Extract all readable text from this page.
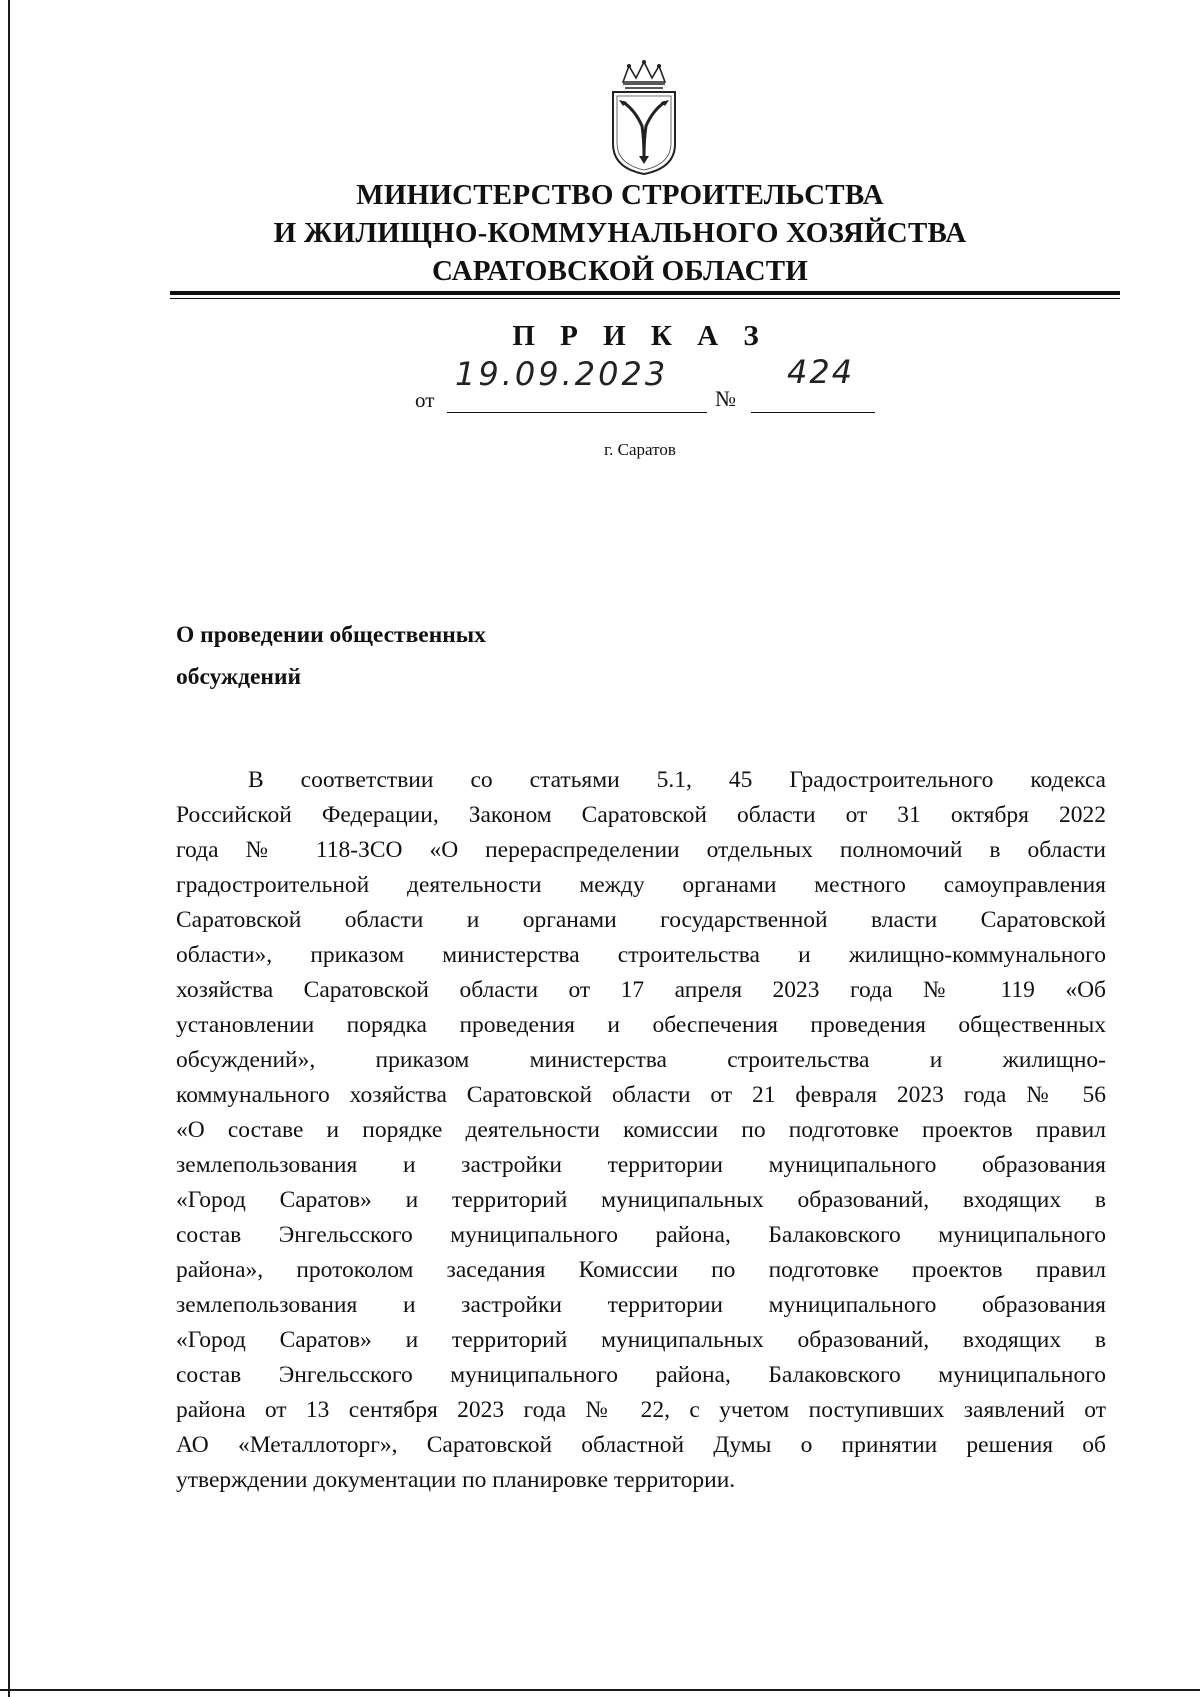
МИНИСТЕРСТВО СТРОИТЕЛЬСТВА
И ЖИЛИЩНО-КОММУНАЛЬНОГО ХОЗЯЙСТВА
САРАТОВСКОЙ ОБЛАСТИ
П Р И К А З
от
19.09.2023
№
424
г. Саратов
О проведении общественных
обсуждений
В соответствии со статьями 5.1, 45 Градостроительного кодекса
Российской Федерации, Законом Саратовской области от 31 октября 2022
года № 118-ЗСО «О перераспределении отдельных полномочий в области
градостроительной деятельности между органами местного самоуправления
Саратовской области и органами государственной власти Саратовской
области», приказом министерства строительства и жилищно-коммунального
хозяйства Саратовской области от 17 апреля 2023 года № 119 «Об
установлении порядка проведения и обеспечения проведения общественных
обсуждений», приказом министерства строительства и жилищно-
коммунального хозяйства Саратовской области от 21 февраля 2023 года № 56
«О составе и порядке деятельности комиссии по подготовке проектов правил
землепользования и застройки территории муниципального образования
«Город Саратов» и территорий муниципальных образований, входящих в
состав Энгельсского муниципального района, Балаковского муниципального
района», протоколом заседания Комиссии по подготовке проектов правил
землепользования и застройки территории муниципального образования
«Город Саратов» и территорий муниципальных образований, входящих в
состав Энгельсского муниципального района, Балаковского муниципального
района от 13 сентября 2023 года № 22, с учетом поступивших заявлений от
АО «Металлоторг», Саратовской областной Думы о принятии решения об
утверждении документации по планировке территории.
